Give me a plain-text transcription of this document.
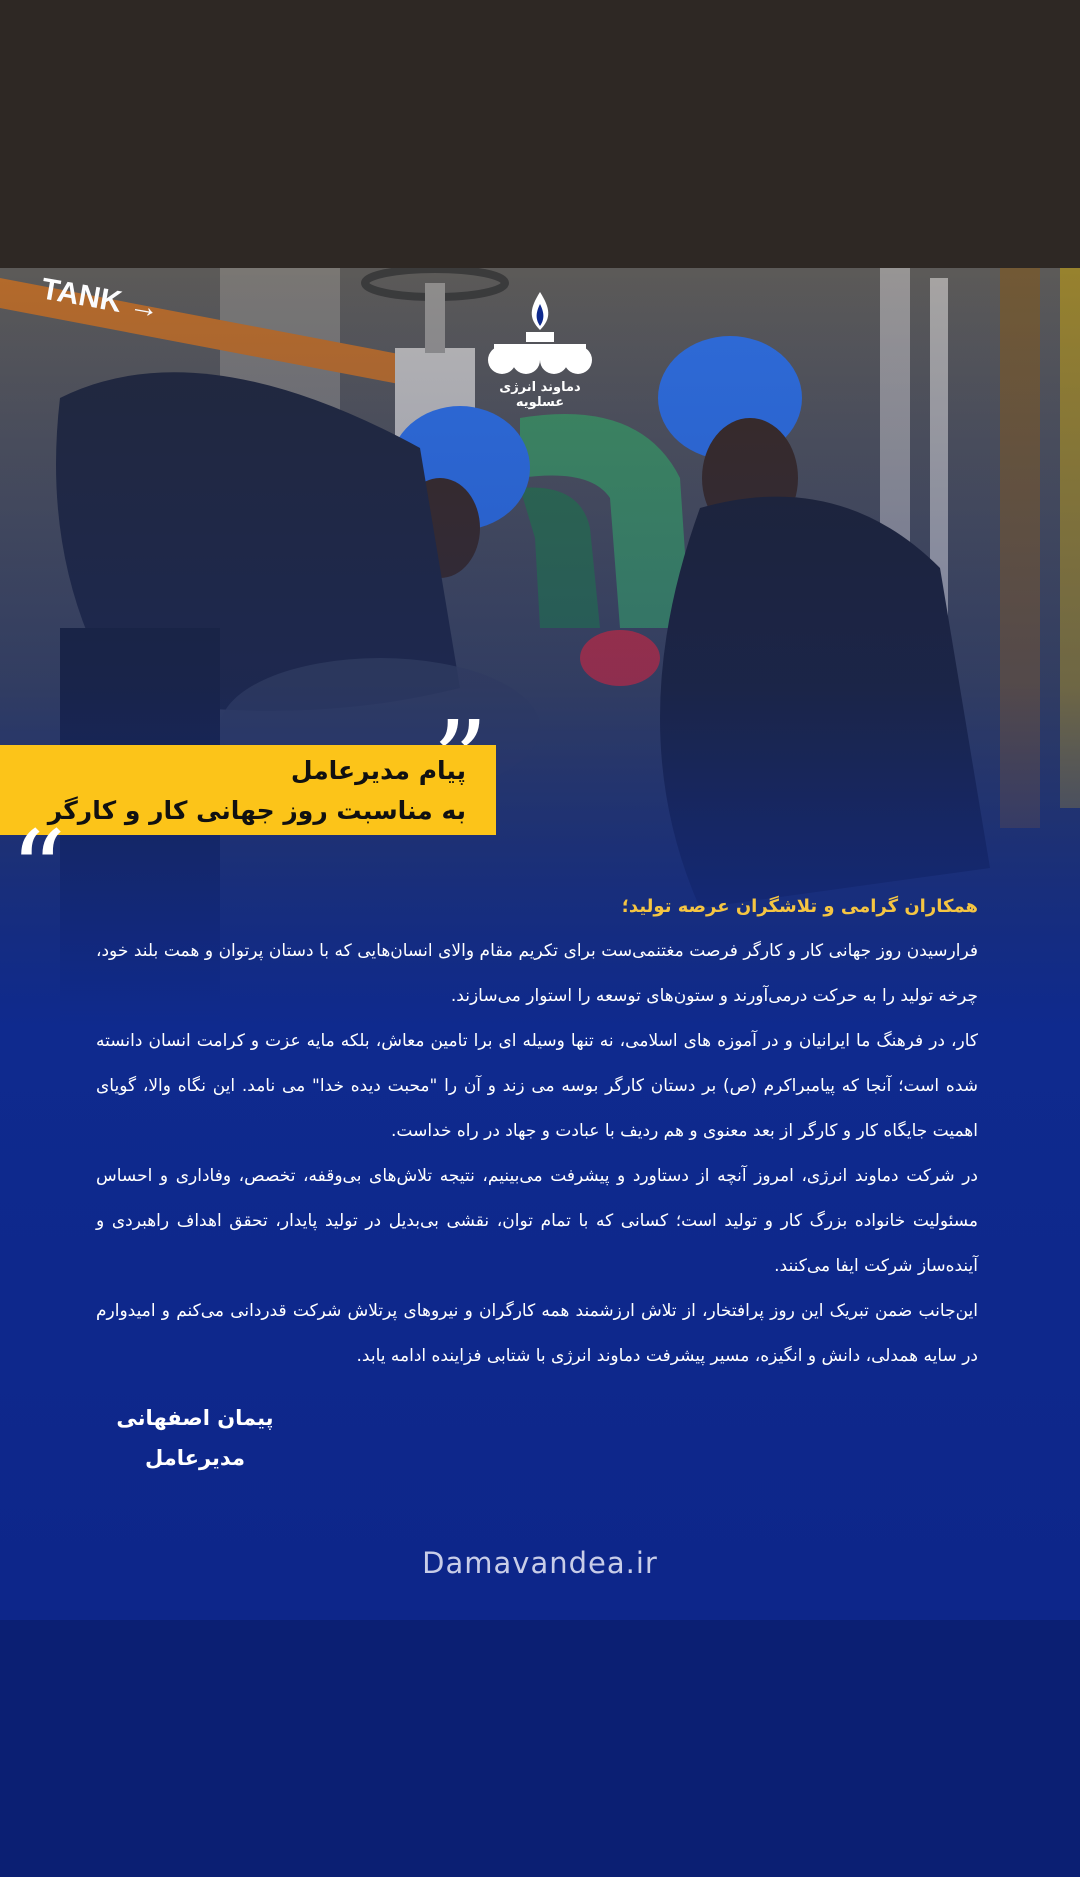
دماوند انرژی عسلویه
پیام مدیرعامل
به مناسبت روز جهانی کار و کارگر
“	همکاران گرامی و تلاشگران عرصه تولید؛

فرارسیدن روز جهانی کار و کارگر فرصت مغتنمی‌ست برای تکریم مقام والای انسان‌هایی که با دستان پرتوان و همت بلند خود، چرخه تولید را به حرکت درمی‌آورند و ستون‌های توسعه را استوار می‌سازند.

کار، در فرهنگ ما ایرانیان و در آموزه های اسلامی، نه تنها وسیله ای برا تامین معاش، بلکه مایه عزت و کرامت انسان دانسته شده است؛ آنجا که پیامبراکرم (ص) بر دستان کارگر بوسه می زند و آن را "محبت دیده خدا" می نامد. این نگاه والا، گویای اهمیت جایگاه کار و کارگر از بعد معنوی و هم ردیف با عبادت و جهاد در راه خداست.

در شرکت دماوند انرژی، امروز آنچه از دستاورد و پیشرفت می‌بینیم، نتیجه تلاش‌های بی‌وقفه، تخصص، وفاداری و احساس مسئولیت خانواده بزرگ کار و تولید است؛ کسانی که با تمام توان، نقشی بی‌بدیل در تولید پایدار، تحقق اهداف راهبردی و آینده‌ساز شرکت ایفا می‌کنند.

این‌جانب ضمن تبریک این روز پرافتخار، از تلاش ارزشمند همه کارگران و نیروهای پرتلاش شرکت قدردانی می‌کنم و امیدوارم در سایه همدلی، دانش و انگیزه، مسیر پیشرفت دماوند انرژی با شتابی فزاینده ادامه یابد.

پیمان اصفهانی
مدیرعامل
Damavandea.ir
